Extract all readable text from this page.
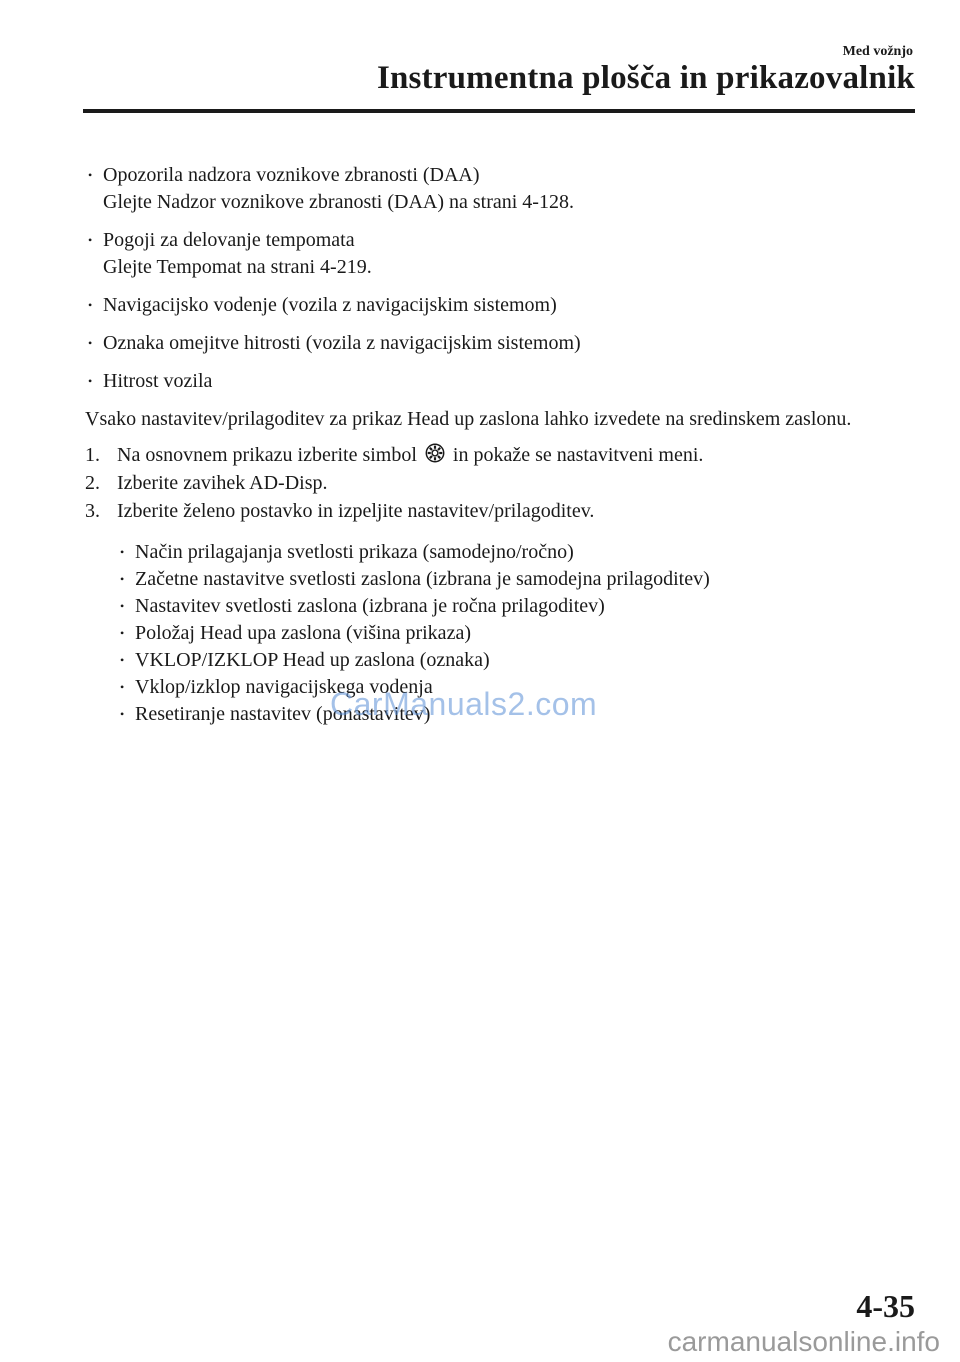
Med vožnjo
Instrumentna plošča in prikazovalnik
• Opozorila nadzora voznikove zbranosti (DAA)
Glejte Nadzor voznikove zbranosti (DAA) na strani 4-128.
• Pogoji za delovanje tempomata
Glejte Tempomat na strani 4-219.
• Navigacijsko vodenje (vozila z navigacijskim sistemom)
• Oznaka omejitve hitrosti (vozila z navigacijskim sistemom)
• Hitrost vozila

Vsako nastavitev/prilagoditev za prikaz Head up zaslona lahko izvedete na sredinskem zaslonu.

1. Na osnovnem prikazu izberite simbol in pokaže se nastavitveni meni.
2. Izberite zavihek AD-Disp.
3. Izberite želeno postavko in izpeljite nastavitev/prilagoditev.
• Način prilagajanja svetlosti prikaza (samodejno/ročno)
• Začetne nastavitve svetlosti zaslona (izbrana je samodejna prilagoditev)
• Nastavitev svetlosti zaslona (izbrana je ročna prilagoditev)
• Položaj Head upa zaslona (višina prikaza)
• VKLOP/IZKLOP Head up zaslona (oznaka)
• Vklop/izklop navigacijskega vodenja
• Resetiranje nastavitev (ponastavitev)
CarManuals2.com
4-35
carmanualsonline.info
